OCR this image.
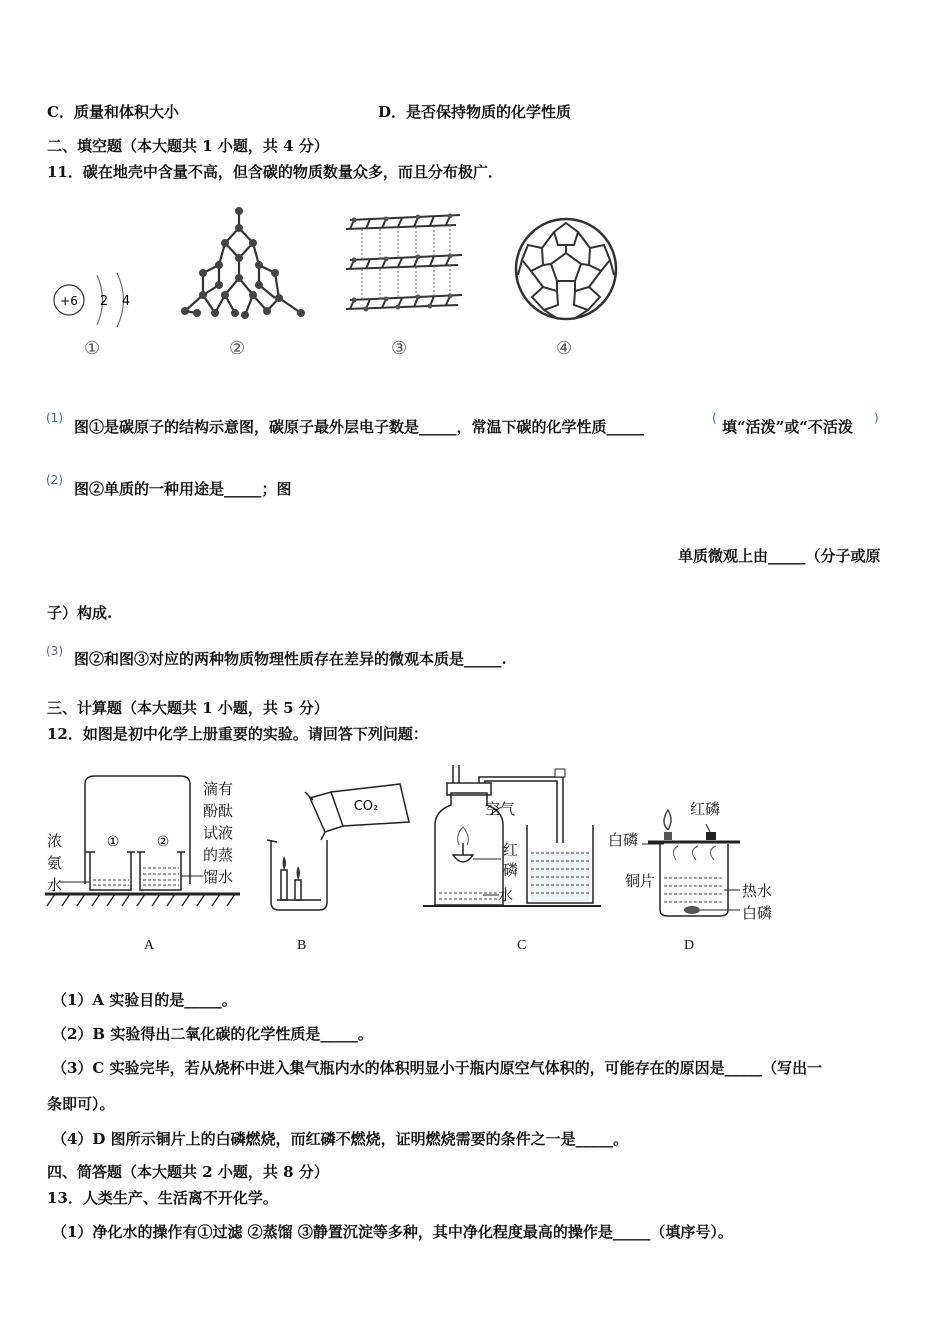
C．质量和体积大小	D．是否保持物质的化学性质
二、填空题（本大题共 1 小题，共 4 分）
11．碳在地壳中含量不高，但含碳的物质数量众多，而且分布极广．
+6 2 4
①	②	③	④
(1) 图①是碳原子的结构示意图，碳原子最外层电子数是_____，常温下碳的化学性质_____	( 填“活泼”或“不活泼 )
(2) 图②单质的一种用途是_____；图
单质微观上由_____（分子或原
子）构成.
(3) 图②和图③对应的两种物质物理性质存在差异的微观本质是_____.
三、计算题（本大题共 1 小题，共 5 分）
12．如图是初中化学上册重要的实验。请回答下列问题：
①	②
浓
氨
水
滴有
酚酞
试液
的蒸
馏水
A
CO₂
B
空气
红
磷
水
C
红磷
白磷
铜片
热水
白磷
D
（1）A 实验目的是_____。
（2）B 实验得出二氧化碳的化学性质是_____。
（3）C 实验完毕，若从烧杯中进入集气瓶内水的体积明显小于瓶内原空气体积的，可能存在的原因是_____（写出一
条即可）。
（4）D 图所示铜片上的白磷燃烧，而红磷不燃烧，证明燃烧需要的条件之一是_____。
四、简答题（本大题共 2 小题，共 8 分）
13．人类生产、生活离不开化学。
（1）净化水的操作有①过滤 ②蒸馏 ③静置沉淀等多种，其中净化程度最高的操作是_____（填序号）。
